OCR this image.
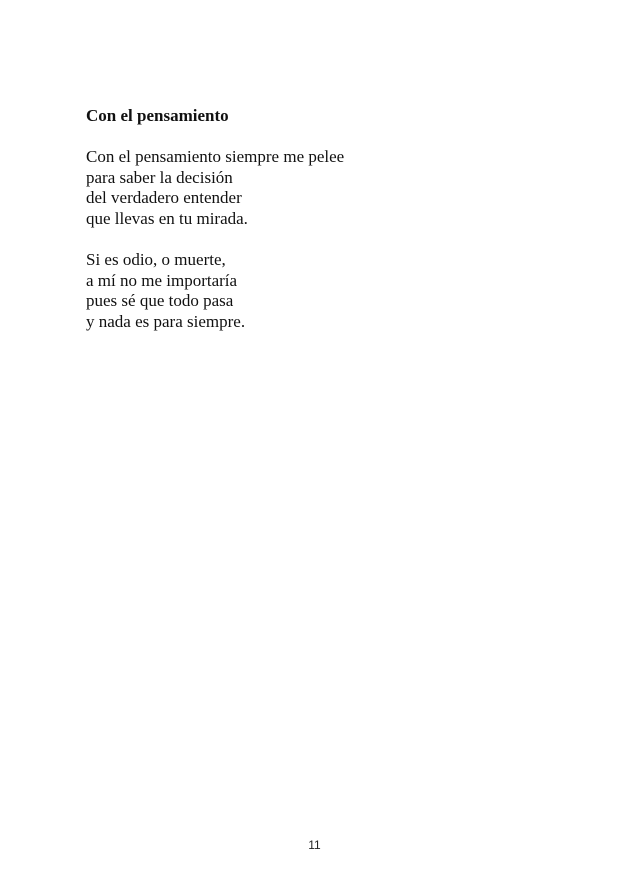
Con el pensamiento
Con el pensamiento siempre me pelee
para saber la decisión
del verdadero entender
que llevas en tu mirada.
Si es odio, o muerte,
a mí no me importaría
pues sé que todo pasa
y nada es para siempre.
11
